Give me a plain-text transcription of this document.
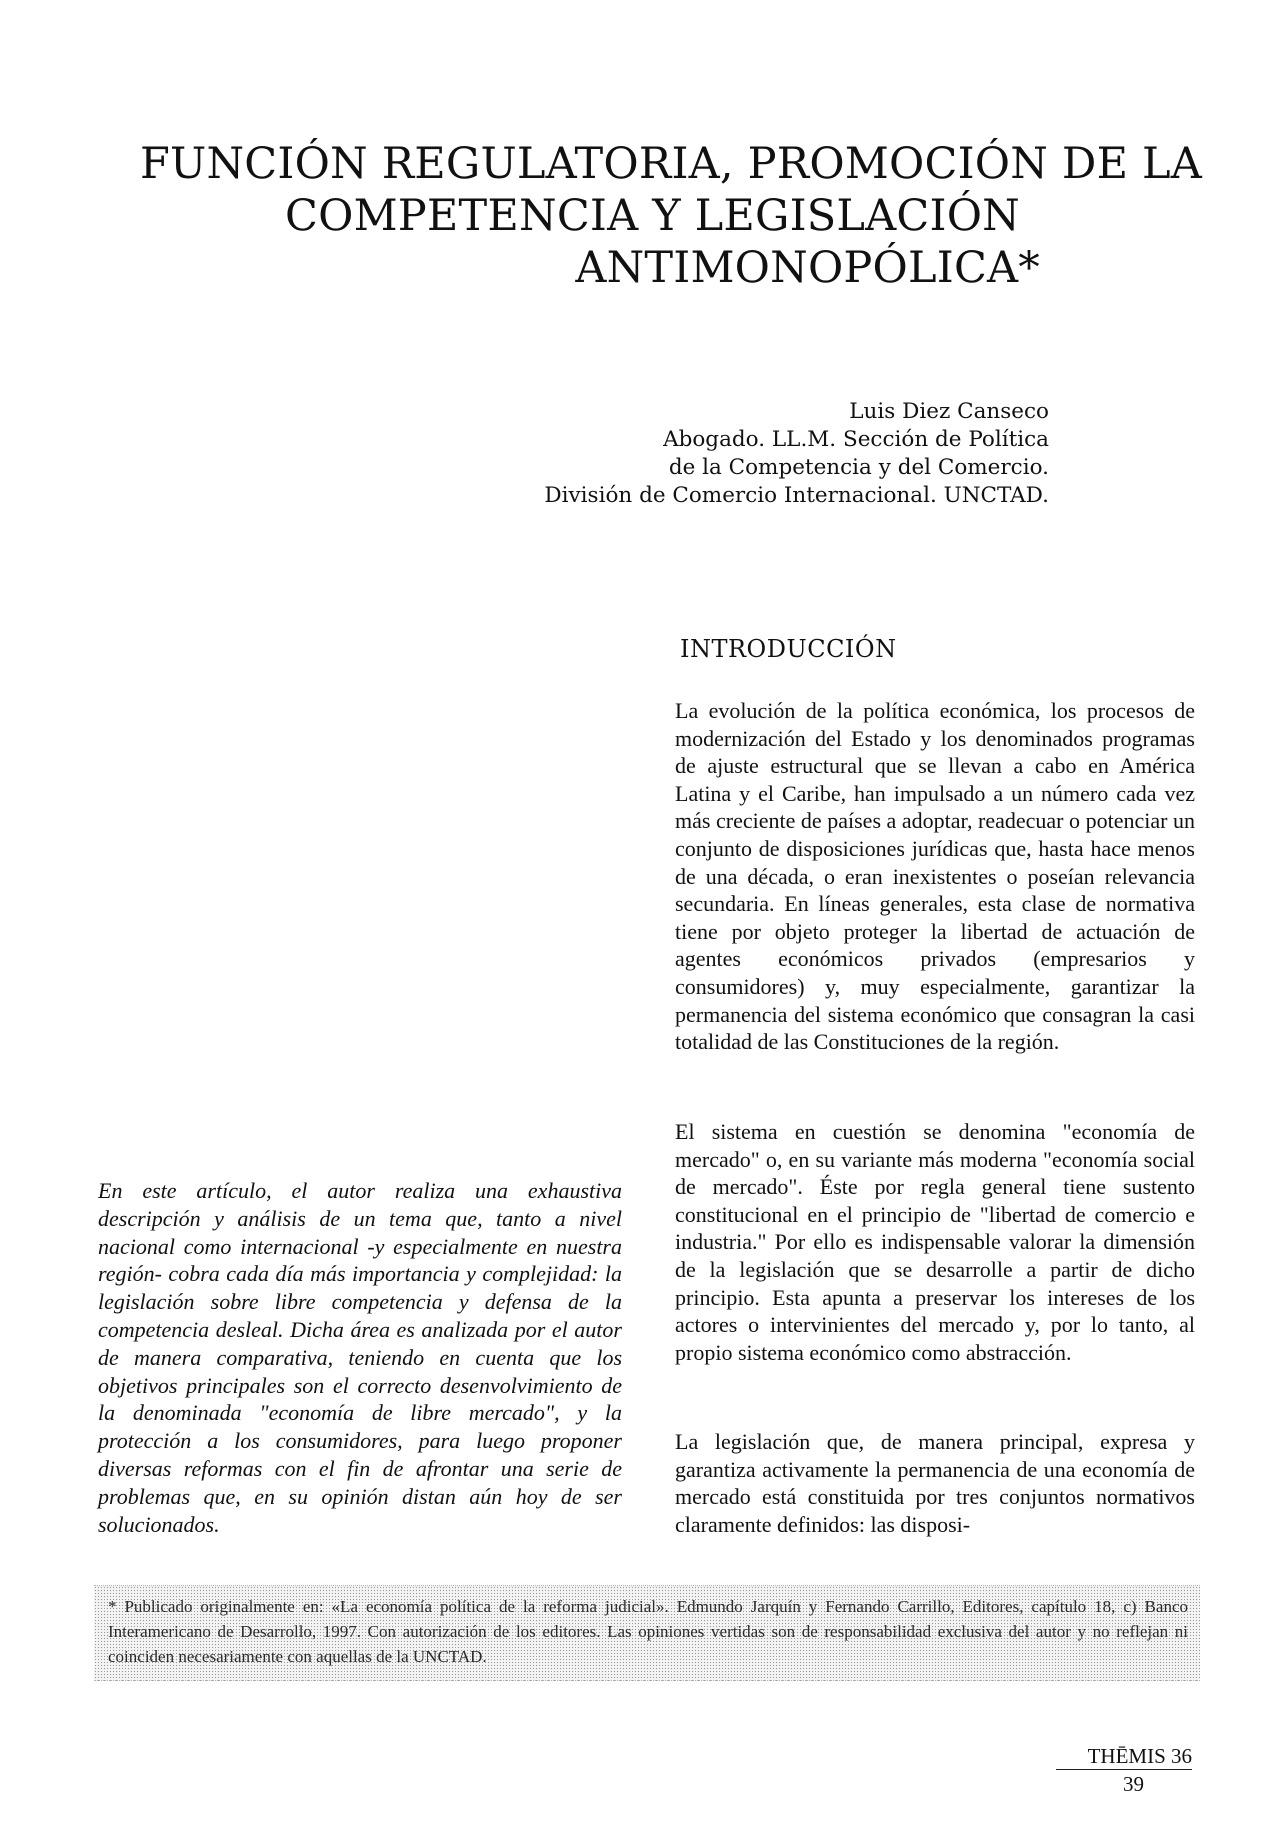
FUNCIÓN REGULATORIA, PROMOCIÓN DE LA
COMPETENCIA Y LEGISLACIÓN
ANTIMONOPÓLICA*
Luis Diez Canseco
Abogado. LL.M. Sección de Política
de la Competencia y del Comercio.
División de Comercio Internacional. UNCTAD.
INTRODUCCIÓN

La evolución de la política económica, los procesos de modernización del Estado y los denominados programas de ajuste estructural que se llevan a cabo en América Latina y el Caribe, han impulsado a un número cada vez más creciente de países a adoptar, readecuar o potenciar un conjunto de disposiciones jurídicas que, hasta hace menos de una década, o eran inexistentes o poseían relevancia secundaria. En líneas generales, esta clase de normativa tiene por objeto proteger la libertad de actuación de agentes económicos privados (empresarios y consumidores) y, muy especialmente, garantizar la permanencia del sistema económico que consagran la casi totalidad de las Constituciones de la región.

El sistema en cuestión se denomina "economía de mercado" o, en su variante más moderna "economía social de mercado". Éste por regla general tiene sustento constitucional en el principio de "libertad de comercio e industria." Por ello es indispensable valorar la dimensión de la legislación que se desarrolle a partir de dicho principio. Esta apunta a preservar los intereses de los actores o intervinientes del mercado y, por lo tanto, al propio sistema económico como abstracción.

La legislación que, de manera principal, expresa y garantiza activamente la permanencia de una economía de mercado está constituida por tres conjuntos normativos claramente definidos: las disposi-

En este artículo, el autor realiza una exhaustiva descripción y análisis de un tema que, tanto a nivel nacional como internacional -y especialmente en nuestra región- cobra cada día más importancia y complejidad: la legislación sobre libre competencia y defensa de la competencia desleal. Dicha área es analizada por el autor de manera comparativa, teniendo en cuenta que los objetivos principales son el correcto desenvolvimiento de la denominada "economía de libre mercado", y la protección a los consumidores, para luego proponer diversas reformas con el fin de afrontar una serie de problemas que, en su opinión distan aún hoy de ser solucionados.

* Publicado originalmente en: «La economía política de la reforma judicial». Edmundo Jarquín y Fernando Carrillo, Editores, capítulo 18, c) Banco Interamericano de Desarrollo, 1997. Con autorización de los editores. Las opiniones vertidas son de responsabilidad exclusiva del autor y no reflejan ni coinciden necesariamente con aquellas de la UNCTAD.

THĒMIS 36
39
